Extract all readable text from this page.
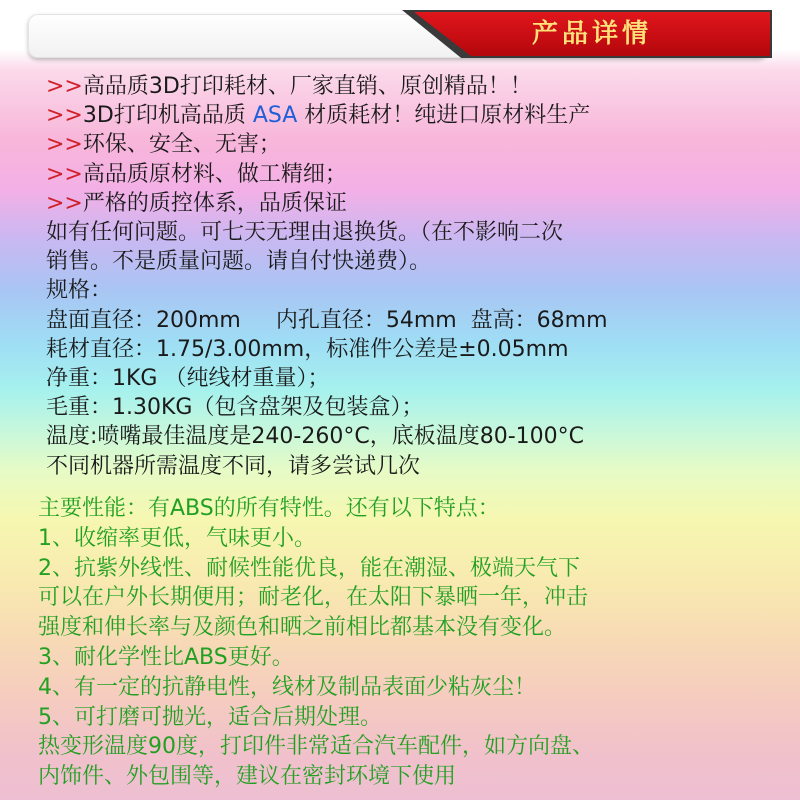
产品详情
>>高品质3D打印耗材、厂家直销、原创精品！！
>>3D打印机高品质 ASA 材质耗材！纯进口原材料生产
>>环保、安全、无害；
>>高品质原材料、做工精细；
>>严格的质控体系，品质保证
如有任何问题。可七天无理由退换货。（在不影响二次
销售。不是质量问题。请自付快递费）。
规格：
盘面直径：200mm     内孔直径：54mm  盘高：68mm
耗材直径：1.75/3.00mm，标准件公差是±0.05mm
净重：1KG （纯线材重量）；
毛重：1.30KG（包含盘架及包装盒）；
温度:喷嘴最佳温度是240-260°C，底板温度80-100°C
不同机器所需温度不同，请多尝试几次
主要性能：有ABS的所有特性。还有以下特点：
1、收缩率更低，气味更小。
2、抗紫外线性、耐候性能优良，能在潮湿、极端天气下
可以在户外长期便用；耐老化，在太阳下暴晒一年，冲击
强度和伸长率与及颜色和晒之前相比都基本没有变化。
3、耐化学性比ABS更好。
4、有一定的抗静电性，线材及制品表面少粘灰尘！
5、可打磨可抛光，适合后期处理。
热变形温度90度，打印件非常适合汽车配件，如方向盘、
内饰件、外包围等，建议在密封环境下使用
